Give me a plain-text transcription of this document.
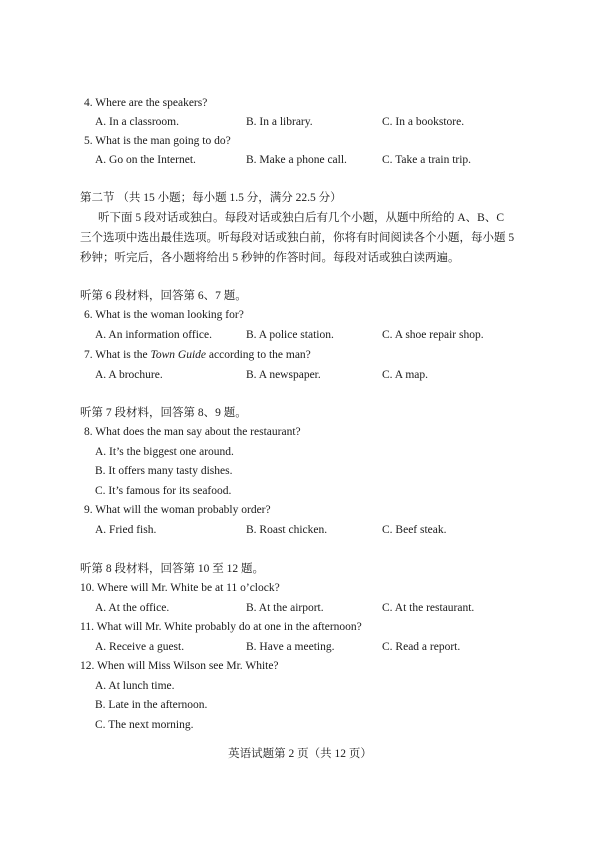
4. Where are the speakers?
A. In a classroom.	B. In a library.	C. In a bookstore.
5. What is the man going to do?
A. Go on the Internet.	B. Make a phone call.	C. Take a train trip.
第二节 （共 15 小题；每小题 1.5 分，满分 22.5 分）
听下面 5 段对话或独白。每段对话或独白后有几个小题，从题中所给的 A、B、C
三个选项中选出最佳选项。听每段对话或独白前，你将有时间阅读各个小题，每小题 5
秒钟；听完后，各小题将给出 5 秒钟的作答时间。每段对话或独白读两遍。
听第 6 段材料，回答第 6、7 题。
6. What is the woman looking for?
A. An information office.	B. A police station.	C. A shoe repair shop.
7. What is the Town Guide according to the man?
A. A brochure.	B. A newspaper.	C. A map.
听第 7 段材料，回答第 8、9 题。
8. What does the man say about the restaurant?
A. It’s the biggest one around.
B. It offers many tasty dishes.
C. It’s famous for its seafood.
9. What will the woman probably order?
A. Fried fish.	B. Roast chicken.	C. Beef steak.
听第 8 段材料，回答第 10 至 12 题。
10. Where will Mr. White be at 11 o’clock?
A. At the office.	B. At the airport.	C. At the restaurant.
11. What will Mr. White probably do at one in the afternoon?
A. Receive a guest.	B. Have a meeting.	C. Read a report.
12. When will Miss Wilson see Mr. White?
A. At lunch time.
B. Late in the afternoon.
C. The next morning.
英语试题第 2 页（共 12 页）
